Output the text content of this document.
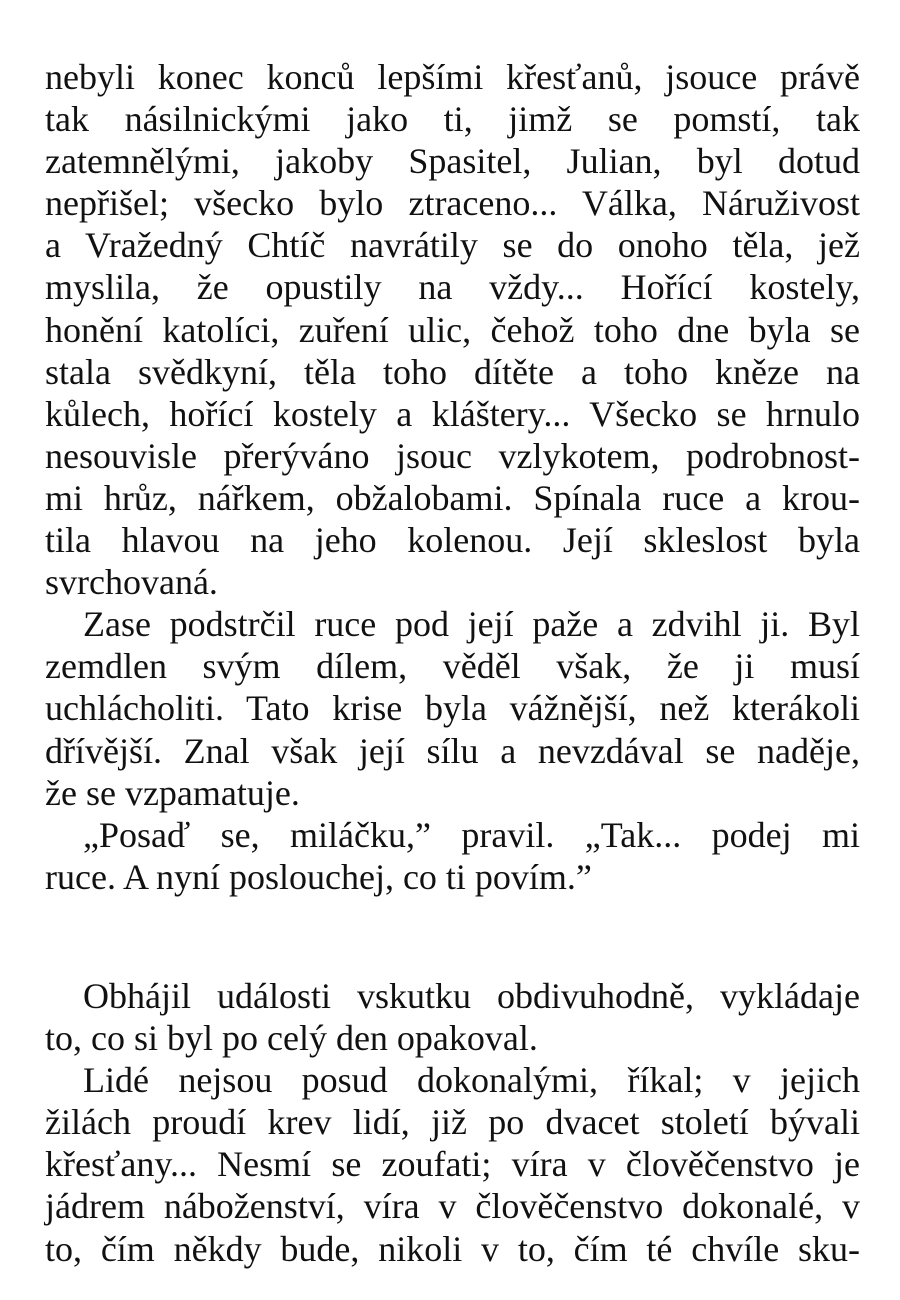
nebyli konec konců lepšími křesťanů, jsouce právě
tak násilnickými jako ti, jimž se pomstí, tak
zatemnělými, jakoby Spasitel, Julian, byl dotud
nepřišel; všecko bylo ztraceno... Válka, Náruživost
a Vražedný Chtíč navrátily se do onoho těla, jež
myslila, že opustily na vždy... Hořící kostely,
honění katolíci, zuření ulic, čehož toho dne byla se
stala svědkyní, těla toho dítěte a toho kněze na
kůlech, hořící kostely a kláštery... Všecko se hrnulo
nesouvisle přerýváno jsouc vzlykotem, podrobnost-
mi hrůz, nářkem, obžalobami. Spínala ruce a krou-
tila hlavou na jeho kolenou. Její skleslost byla
svrchovaná.
Zase podstrčil ruce pod její paže a zdvihl ji. Byl
zemdlen svým dílem, věděl však, že ji musí
uchlácholiti. Tato krise byla vážnější, než kterákoli
dřívější. Znal však její sílu a nevzdával se naděje,
že se vzpamatuje.
„Posaď se, miláčku,” pravil. „Tak... podej mi
ruce. A nyní poslouchej, co ti povím.”
Obhájil události vskutku obdivuhodně, vykládaje
to, co si byl po celý den opakoval.
Lidé nejsou posud dokonalými, říkal; v jejich
žilách proudí krev lidí, již po dvacet století bývali
křesťany... Nesmí se zoufati; víra v člověčenstvo je
jádrem náboženství, víra v člověčenstvo dokonalé, v
to, čím někdy bude, nikoli v to, čím té chvíle sku-
